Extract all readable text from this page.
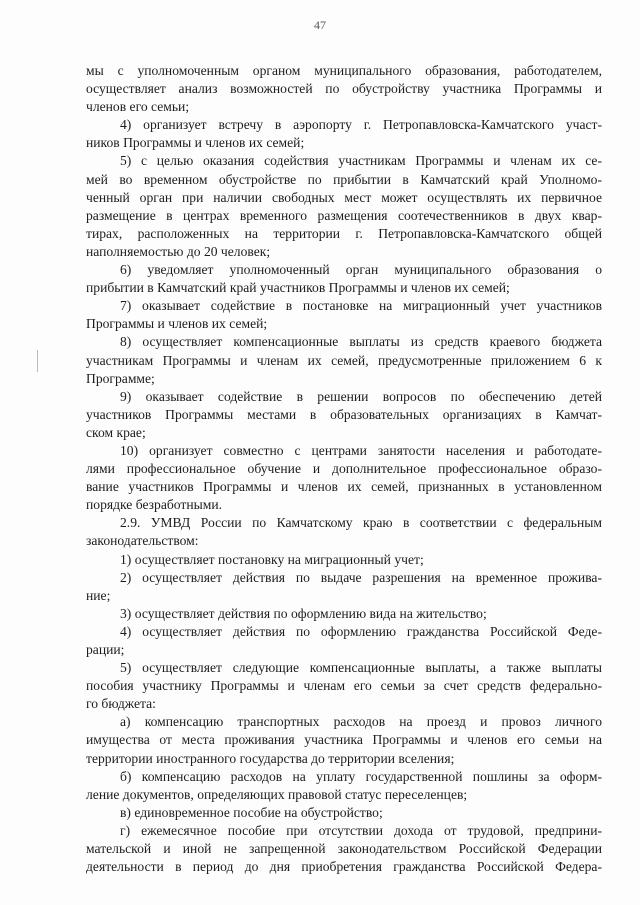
47
мы с уполномоченным органом муниципального образования, работодателем,
осуществляет анализ возможностей по обустройству участника Программы и
членов его семьи;
4) организует встречу в аэропорту г. Петропавловска-Камчатского участ-
ников Программы и членов их семей;
5) с целью оказания содействия участникам Программы и членам их се-
мей во временном обустройстве по прибытии в Камчатский край Уполномо-
ченный орган при наличии свободных мест может осуществлять их первичное
размещение в центрах временного размещения соотечественников в двух квар-
тирах, расположенных на территории г. Петропавловска-Камчатского общей
наполняемостью до 20 человек;
6) уведомляет уполномоченный орган муниципального образования о
прибытии в Камчатский край участников Программы и членов их семей;
7) оказывает содействие в постановке на миграционный учет участников
Программы и членов их семей;
8) осуществляет компенсационные выплаты из средств краевого бюджета
участникам Программы и членам их семей, предусмотренные приложением 6 к
Программе;
9) оказывает содействие в решении вопросов по обеспечению детей
участников Программы местами в образовательных организациях в Камчат-
ском крае;
10) организует совместно с центрами занятости населения и работодате-
лями профессиональное обучение и дополнительное профессиональное образо-
вание участников Программы и членов их семей, признанных в установленном
порядке безработными.
2.9. УМВД России по Камчатскому краю в соответствии с федеральным
законодательством:
1) осуществляет постановку на миграционный учет;
2) осуществляет действия по выдаче разрешения на временное прожива-
ние;
3) осуществляет действия по оформлению вида на жительство;
4) осуществляет действия по оформлению гражданства Российской Феде-
рации;
5) осуществляет следующие компенсационные выплаты, а также выплаты
пособия участнику Программы и членам его семьи за счет средств федерально-
го бюджета:
а) компенсацию транспортных расходов на проезд и провоз личного
имущества от места проживания участника Программы и членов его семьи на
территории иностранного государства до территории вселения;
б) компенсацию расходов на уплату государственной пошлины за оформ-
ление документов, определяющих правовой статус переселенцев;
в) единовременное пособие на обустройство;
г) ежемесячное пособие при отсутствии дохода от трудовой, предприни-
мательской и иной не запрещенной законодательством Российской Федерации
деятельности в период до дня приобретения гражданства Российской Федера-
